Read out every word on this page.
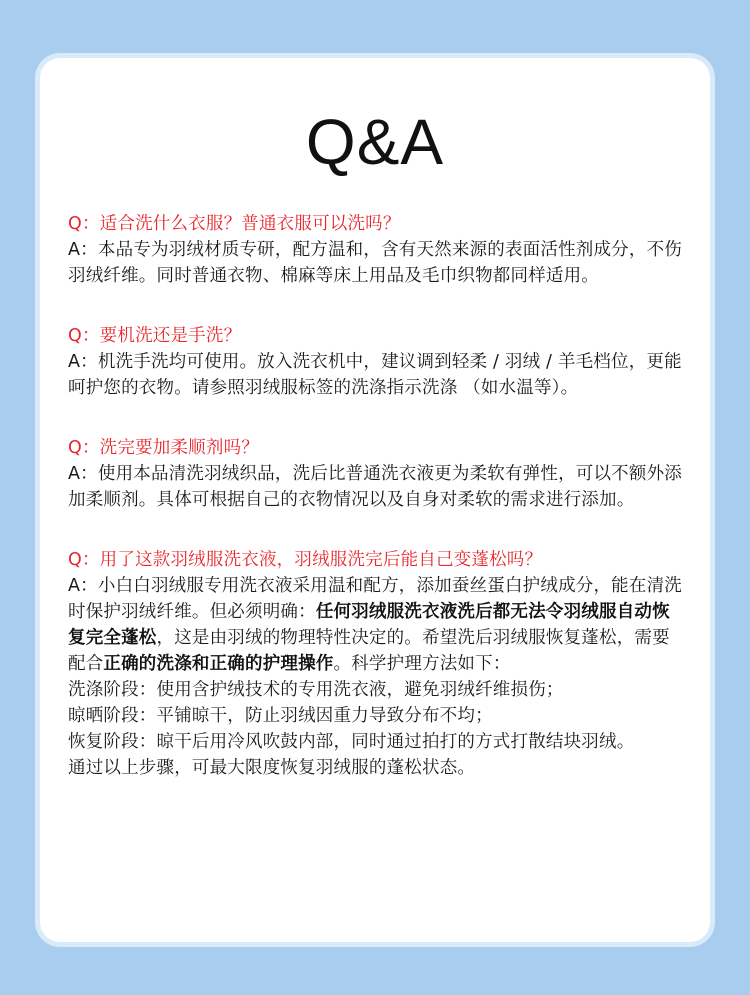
Q&A
Q：适合洗什么衣服？普通衣服可以洗吗？
A：本品专为羽绒材质专研，配方温和，含有天然来源的表面活性剂成分，不伤羽绒纤维。同时普通衣物、棉麻等床上用品及毛巾织物都同样适用。
Q：要机洗还是手洗？
A：机洗手洗均可使用。放入洗衣机中，建议调到轻柔 / 羽绒 / 羊毛档位，更能呵护您的衣物。请参照羽绒服标签的洗涤指示洗涤 （如水温等）。
Q：洗完要加柔顺剂吗？
A：使用本品清洗羽绒织品，洗后比普通洗衣液更为柔软有弹性，可以不额外添加柔顺剂。具体可根据自己的衣物情况以及自身对柔软的需求进行添加。
Q：用了这款羽绒服洗衣液，羽绒服洗完后能自己变蓬松吗？
A：小白白羽绒服专用洗衣液采用温和配方，添加蚕丝蛋白护绒成分，能在清洗时保护羽绒纤维。但必须明确：任何羽绒服洗衣液洗后都无法令羽绒服自动恢复完全蓬松，这是由羽绒的物理特性决定的。希望洗后羽绒服恢复蓬松，需要配合正确的洗涤和正确的护理操作。科学护理方法如下：
洗涤阶段：使用含护绒技术的专用洗衣液，避免羽绒纤维损伤；
晾晒阶段：平铺晾干，防止羽绒因重力导致分布不均；
恢复阶段：晾干后用冷风吹鼓内部，同时通过拍打的方式打散结块羽绒。
通过以上步骤，可最大限度恢复羽绒服的蓬松状态。
